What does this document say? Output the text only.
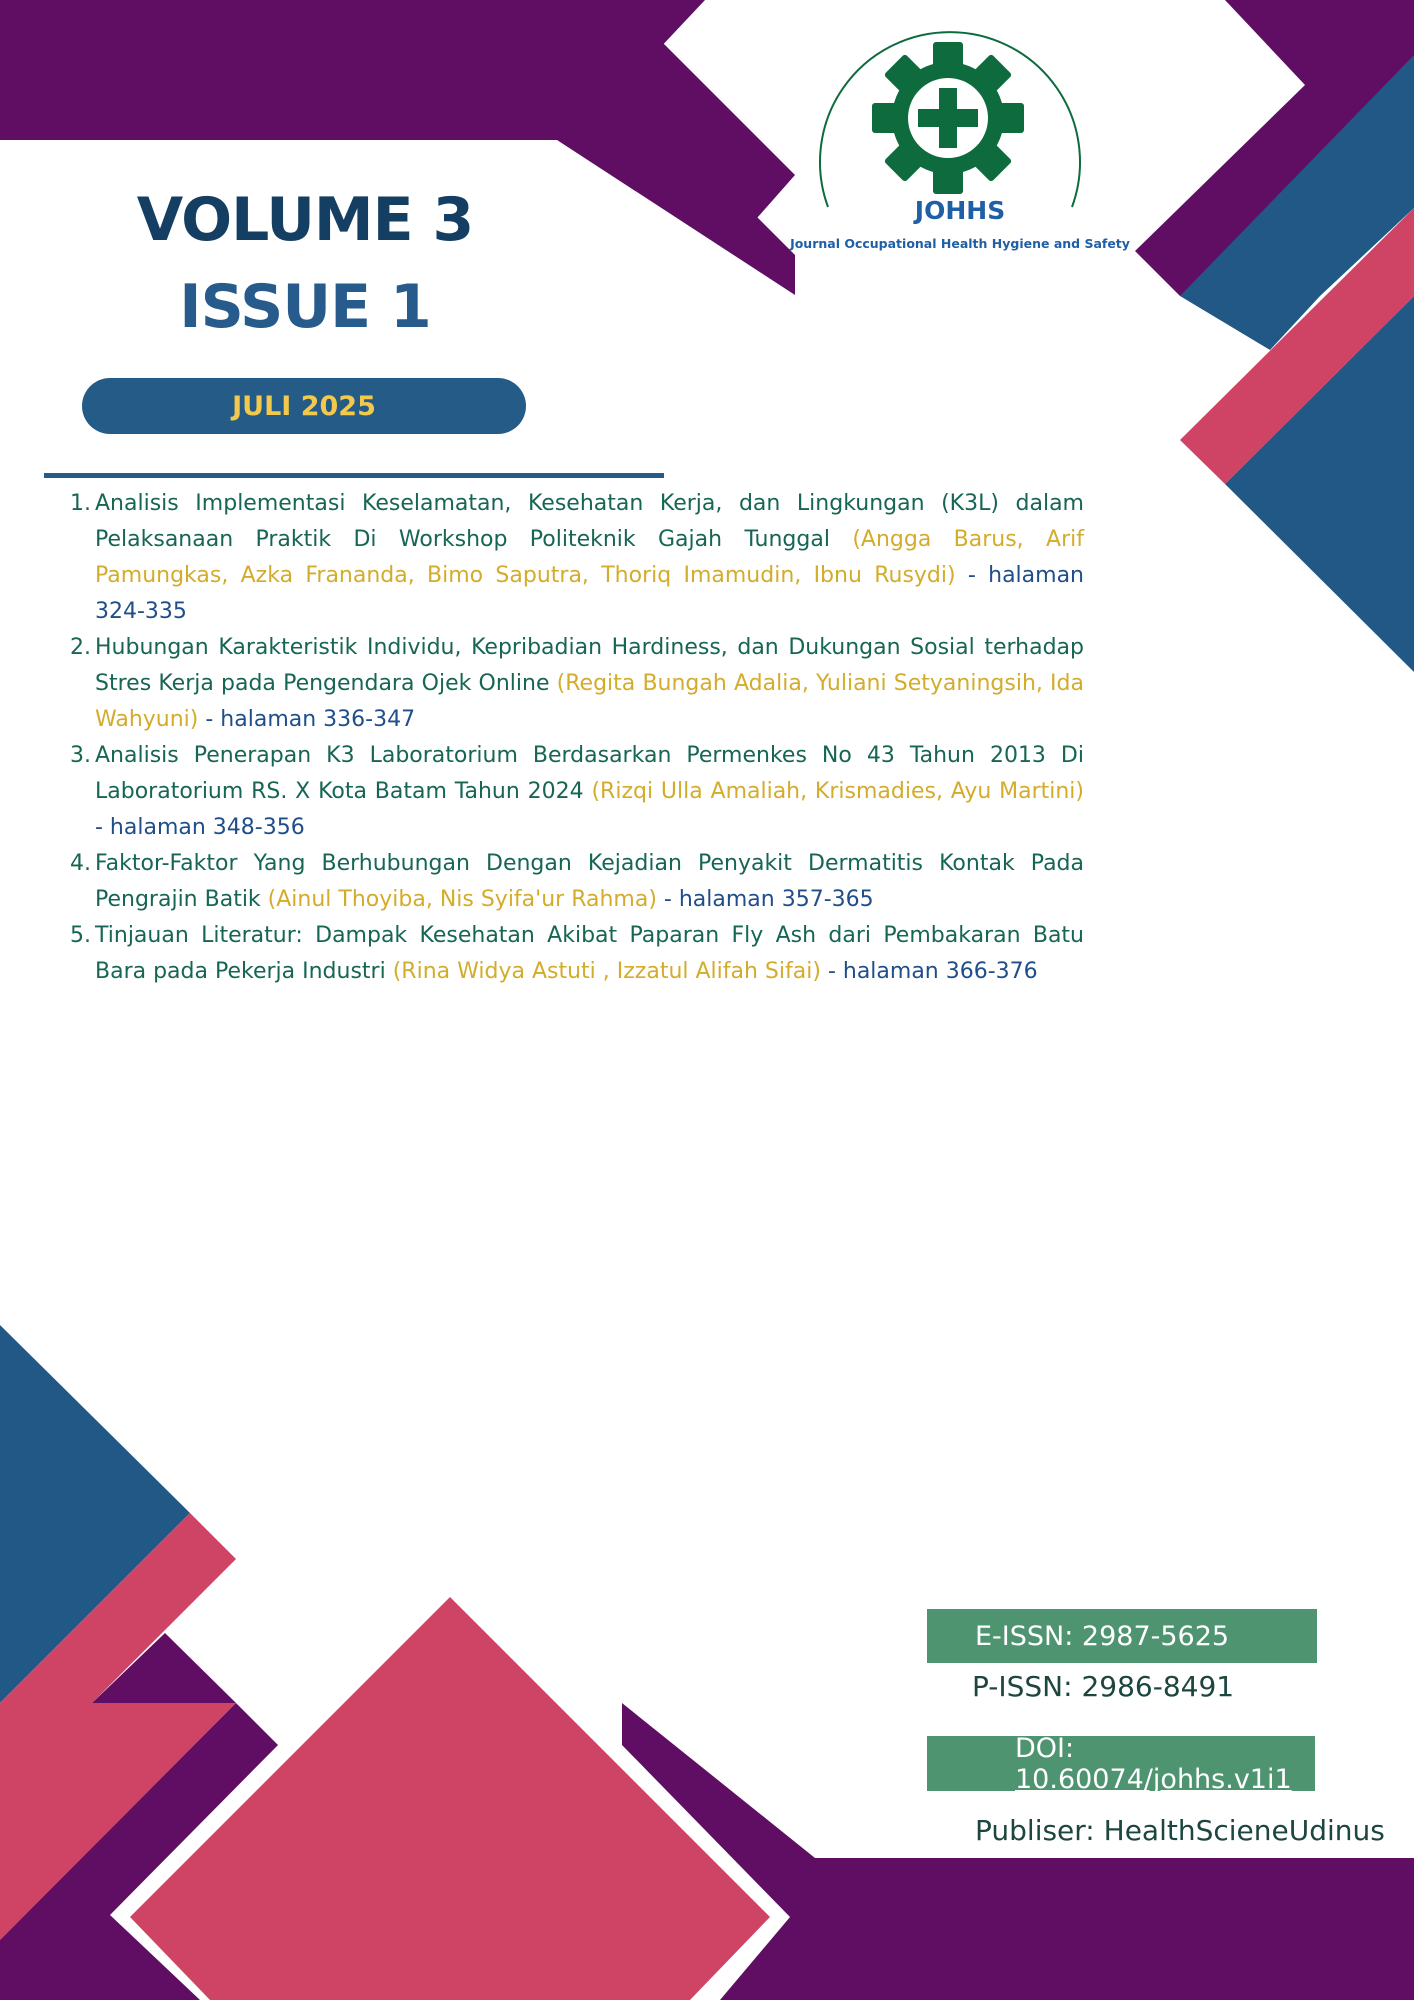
JOHHS
Journal Occupational Health Hygiene and Safety
VOLUME 3
ISSUE 1
JULI 2025
1. Analisis Implementasi Keselamatan, Kesehatan Kerja, dan Lingkungan (K3L) dalam Pelaksanaan Praktik Di Workshop Politeknik Gajah Tunggal (Angga Barus, Arif Pamungkas, Azka Frananda, Bimo Saputra, Thoriq Imamudin, Ibnu Rusydi) - halaman 324-335
2. Hubungan Karakteristik Individu, Kepribadian Hardiness, dan Dukungan Sosial terhadap Stres Kerja pada Pengendara Ojek Online (Regita Bungah Adalia, Yuliani Setyaningsih, Ida Wahyuni) - halaman 336-347
3. Analisis Penerapan K3 Laboratorium Berdasarkan Permenkes No 43 Tahun 2013 Di Laboratorium RS. X Kota Batam Tahun 2024 (Rizqi Ulla Amaliah, Krismadies, Ayu Martini) - halaman 348-356
4. Faktor-Faktor Yang Berhubungan Dengan Kejadian Penyakit Dermatitis Kontak Pada Pengrajin Batik (Ainul Thoyiba, Nis Syifa'ur Rahma) - halaman 357-365
5. Tinjauan Literatur: Dampak Kesehatan Akibat Paparan Fly Ash dari Pembakaran Batu Bara pada Pekerja Industri (Rina Widya Astuti , Izzatul Alifah Sifai) - halaman 366-376
E-ISSN: 2987-5625
P-ISSN: 2986-8491
DOI: 10.60074/johhs.v1i1
Publiser: HealthScieneUdinus
